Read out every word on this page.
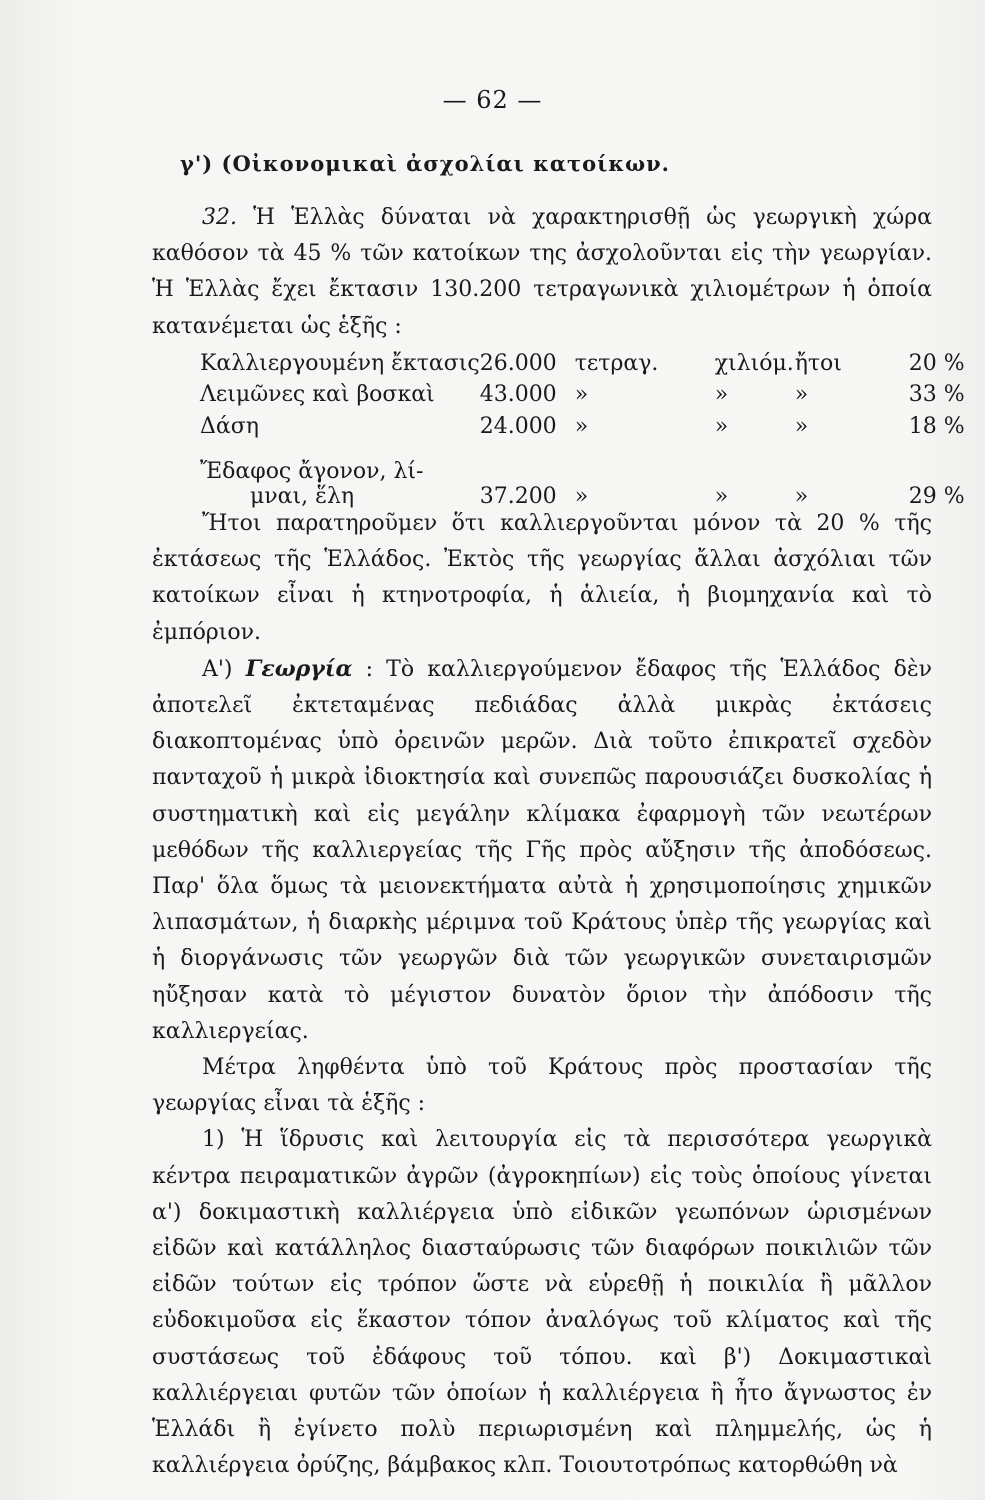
— 62 —
γ') (Οἰκονομικαὶ ἀσχολίαι κατοίκων.

32. Ἡ Ἑλλὰς δύναται νὰ χαρακτηρισθῇ ὡς γεωργικὴ χώρα καθόσον τὰ 45 % τῶν κατοίκων της ἀσχολοῦνται εἰς τὴν γεωργίαν. Ἡ Ἑλλὰς ἔχει ἔκτασιν 130.200 τετραγωνικὰ χιλιομέτρων ἡ ὁποία κατανέμεται ὡς ἑξῆς :

Καλλιεργουμένη ἔκτασις	26.000	τετραγ.	χιλιόμ.	ἤτοι	20 %
Λειμῶνες καὶ βοσκαὶ	43.000	»	»	»	33 %
Δάση	24.000	»	»	»	18 %
Ἔδαφος ἄγονον, λί-
μναι, ἕλη	37.200	»	»	»	29 %

Ἤτοι παρατηροῦμεν ὅτι καλλιεργοῦνται μόνον τὰ 20 % τῆς ἐκτάσεως τῆς Ἑλλάδος. Ἐκτὸς τῆς γεωργίας ἄλλαι ἀσχόλιαι τῶν κατοίκων εἶναι ἡ κτηνοτροφία, ἡ ἁλιεία, ἡ βιομηχανία καὶ τὸ ἐμπόριον.

Α') Γεωργία : Τὸ καλλιεργούμενον ἔδαφος τῆς Ἑλλάδος δὲν ἀποτελεῖ ἐκτεταμένας πεδιάδας ἀλλὰ μικρὰς ἐκτάσεις διακοπτομένας ὑπὸ ὀρεινῶν μερῶν. Διὰ τοῦτο ἐπικρατεῖ σχεδὸν πανταχοῦ ἡ μικρὰ ἰδιοκτησία καὶ συνεπῶς παρουσιάζει δυσκολίας ἡ συστηματικὴ καὶ εἰς μεγάλην κλίμακα ἐφαρμογὴ τῶν νεωτέρων μεθόδων τῆς καλλιεργείας τῆς Γῆς πρὸς αὔξησιν τῆς ἀποδόσεως. Παρ' ὅλα ὅμως τὰ μειονεκτήματα αὐτὰ ἡ χρησιμοποίησις χημικῶν λιπασμάτων, ἡ διαρκὴς μέριμνα τοῦ Κράτους ὑπὲρ τῆς γεωργίας καὶ ἡ διοργάνωσις τῶν γεωργῶν διὰ τῶν γεωργικῶν συνεταιρισμῶν ηὔξησαν κατὰ τὸ μέγιστον δυνατὸν ὅριον τὴν ἀπόδοσιν τῆς καλλιεργείας.

Μέτρα ληφθέντα ὑπὸ τοῦ Κράτους πρὸς προστασίαν τῆς γεωργίας εἶναι τὰ ἑξῆς :

1) Ἡ ἵδρυσις καὶ λειτουργία εἰς τὰ περισσότερα γεωργικὰ κέντρα πειραματικῶν ἀγρῶν (ἀγροκηπίων) εἰς τοὺς ὁποίους γίνεται α') δοκιμαστικὴ καλλιέργεια ὑπὸ εἰδικῶν γεωπόνων ὡρισμένων εἰδῶν καὶ κατάλληλος διασταύρωσις τῶν διαφόρων ποικιλιῶν τῶν εἰδῶν τούτων εἰς τρόπον ὥστε νὰ εὑρεθῇ ἡ ποικιλία ἢ μᾶλλον εὐδοκιμοῦσα εἰς ἕκαστον τόπον ἀναλόγως τοῦ κλίματος καὶ τῆς συστάσεως τοῦ ἐδάφους τοῦ τόπου. καὶ β') Δοκιμαστικαὶ καλλιέργειαι φυτῶν τῶν ὁποίων ἡ καλλιέργεια ἢ ἦτο ἄγνωστος ἐν Ἑλλάδι ἢ ἐγίνετο πολὺ περιωρισμένη καὶ πλημμελής, ὡς ἡ καλλιέργεια ὀρύζης, βάμβακος κλπ. Τοιουτοτρόπως κατορθώθη νὰ
